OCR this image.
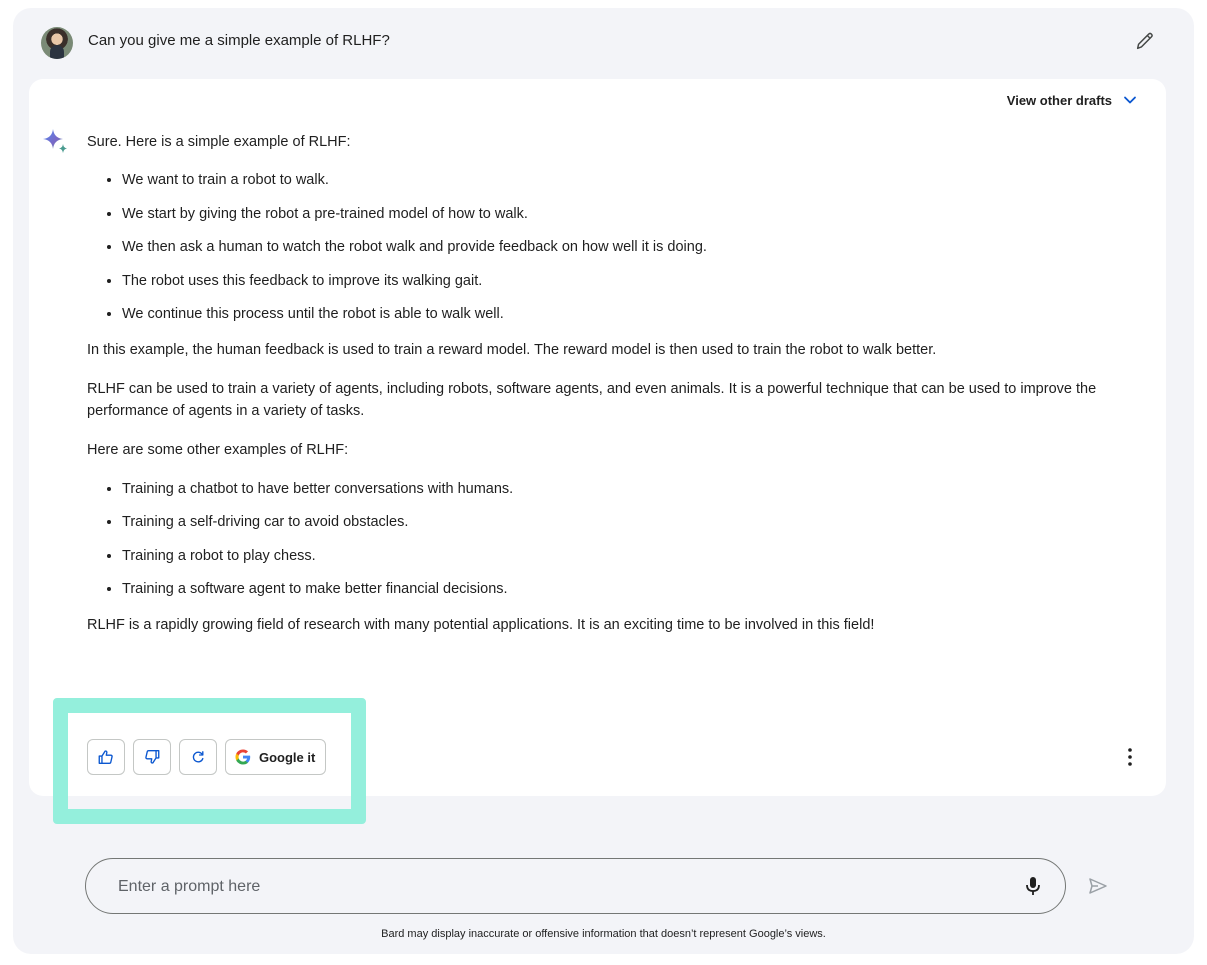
Can you give me a simple example of RLHF?
View other drafts

Sure. Here is a simple example of RLHF:

• We want to train a robot to walk.
• We start by giving the robot a pre-trained model of how to walk.
• We then ask a human to watch the robot walk and provide feedback on how well it is doing.
• The robot uses this feedback to improve its walking gait.
• We continue this process until the robot is able to walk well.

In this example, the human feedback is used to train a reward model. The reward model is then used to train the robot to walk better.

RLHF can be used to train a variety of agents, including robots, software agents, and even animals. It is a powerful technique that can be used to improve the performance of agents in a variety of tasks.

Here are some other examples of RLHF:

• Training a chatbot to have better conversations with humans.
• Training a self-driving car to avoid obstacles.
• Training a robot to play chess.
• Training a software agent to make better financial decisions.

RLHF is a rapidly growing field of research with many potential applications. It is an exciting time to be involved in this field!

Google it
Enter a prompt here
Bard may display inaccurate or offensive information that doesn’t represent Google’s views.
